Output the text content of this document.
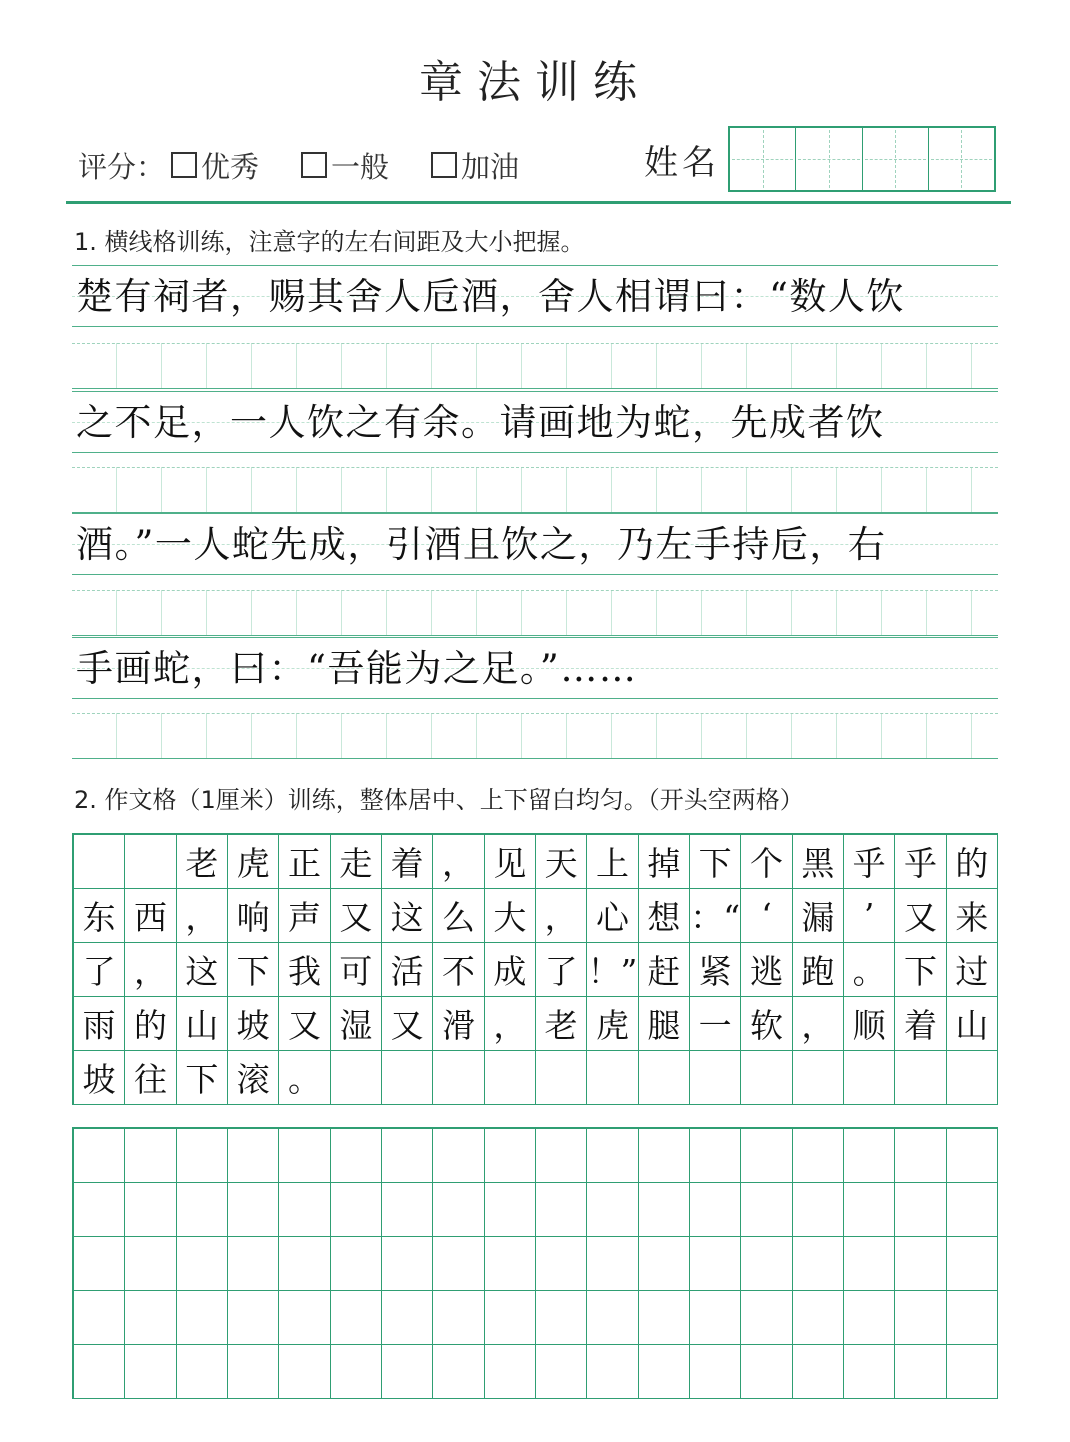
章法训练
评分： 优秀 一般 加油	姓名
1. 横线格训练，注意字的左右间距及大小把握。
楚有祠者，赐其舍人卮酒，舍人相谓曰：“数人饮
之不足，一人饮之有余。请画地为蛇，先成者饮
酒。”一人蛇先成，引酒且饮之，乃左手持卮，右
手画蛇，曰：“吾能为之足。”……
2. 作文格（1厘米）训练，整体居中、上下留白均匀。（开头空两格）
老 虎 正 走 着 ， 见 天 上 掉 下 个 黑 乎 乎 的
东 西 ， 响 声 又 这 么 大 ， 心 想 ：“ ‘ 漏 ’ 又 来
了 ， 这 下 我 可 活 不 成 了 ！” 赶 紧 逃 跑 。 下 过
雨 的 山 坡 又 湿 又 滑 ， 老 虎 腿 一 软 ， 顺 着 山
坡 往 下 滚 。
